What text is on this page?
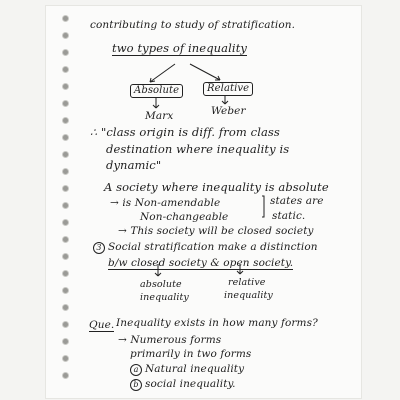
contributing to study of stratification.
two types of inequality
Absolute	Relative
Marx	Weber
∴ "class origin is diff. from class
destination where inequality is
dynamic"
A society where inequality is absolute
→ is Non-amendable
Non-changeable
states are
static.
→ This society will be closed society
3 Social stratification make a distinction
b/w closed society & open society.
absolute
inequality
relative
inequality
Que. Inequality exists in how many forms?
→ Numerous forms
primarily in two forms
a Natural inequality
b social inequality.
